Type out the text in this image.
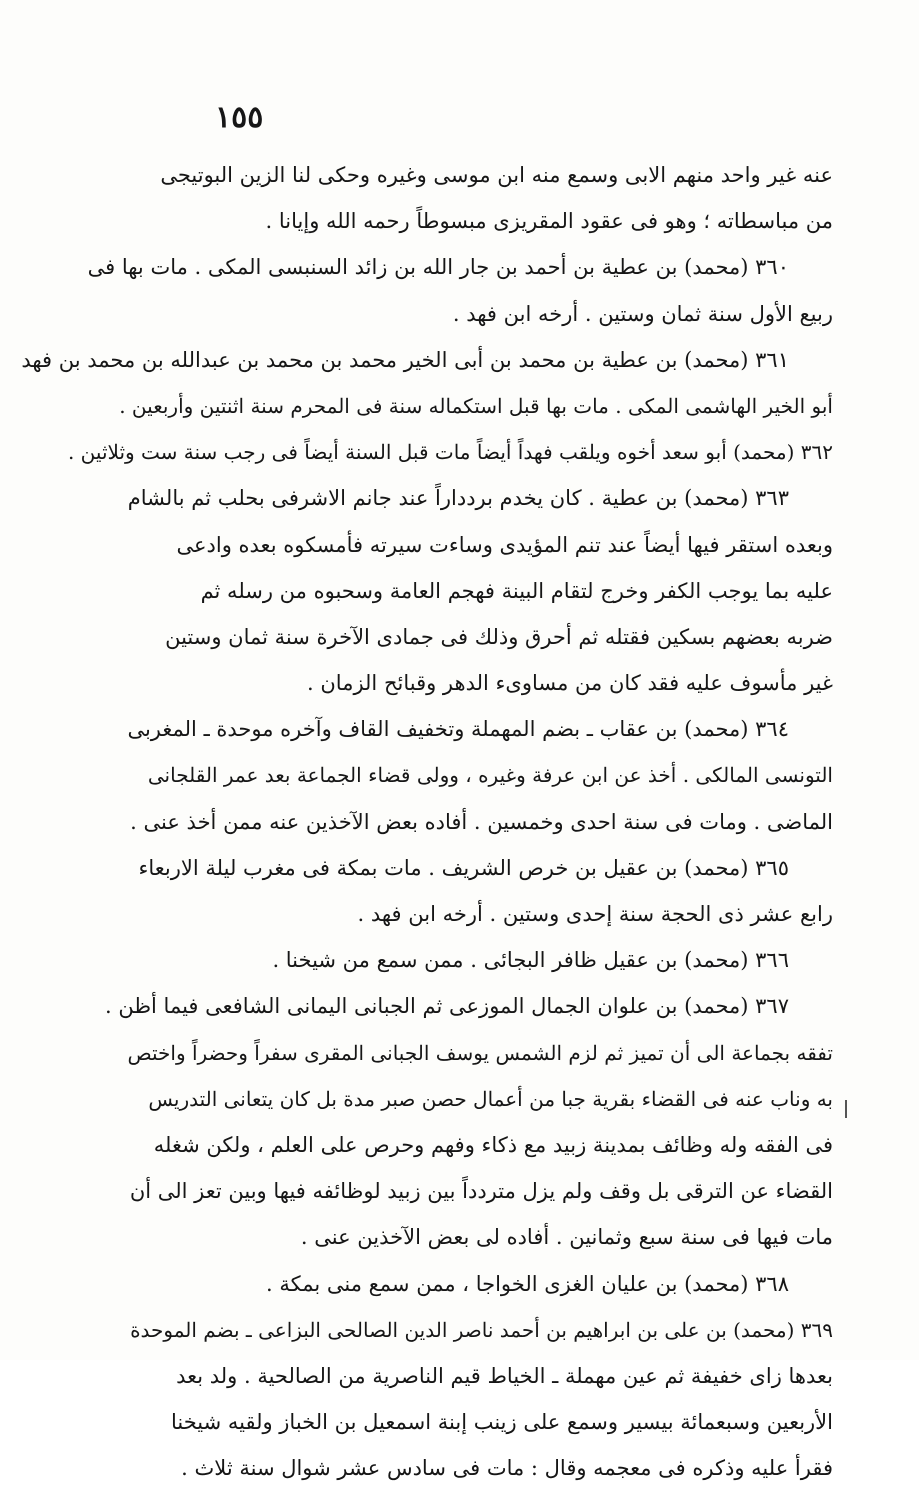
١٥٥
عنه غير واحد منهم الابى وسمع منه ابن موسى وغيره وحكى لنا الزين البوتيجى
من مباسطاته ؛ وهو فى عقود المقريزى مبسوطاً رحمه الله وإيانا .
٣٦٠ (محمد) بن عطية بن أحمد بن جار الله بن زائد السنبسى المكى . مات بها فى
ربيع الأول سنة ثمان وستين . أرخه ابن فهد .
٣٦١ (محمد) بن عطية بن محمد بن أبى الخير محمد بن محمد بن عبدالله بن محمد بن فهد
أبو الخير الهاشمى المكى . مات بها قبل استكماله سنة فى المحرم سنة اثنتين وأربعين .
٣٦٢ (محمد) أبو سعد أخوه ويلقب فهداً أيضاً مات قبل السنة أيضاً فى رجب سنة ست وثلاثين .
٣٦٣ (محمد) بن عطية . كان يخدم بردداراً عند جانم الاشرفى بحلب ثم بالشام
وبعده استقر فيها أيضاً عند تنم المؤيدى وساءت سيرته فأمسكوه بعده وادعى
عليه بما يوجب الكفر وخرج لتقام البينة فهجم العامة وسحبوه من رسله ثم
ضربه بعضهم بسكين فقتله ثم أحرق وذلك فى جمادى الآخرة سنة ثمان وستين
غير مأسوف عليه فقد كان من مساوىء الدهر وقبائح الزمان .
٣٦٤ (محمد) بن عقاب ـ بضم المهملة وتخفيف القاف وآخره موحدة ـ المغربى
التونسى المالكى . أخذ عن ابن عرفة وغيره ، وولى قضاء الجماعة بعد عمر القلجانى
الماضى . ومات فى سنة احدى وخمسين . أفاده بعض الآخذين عنه ممن أخذ عنى .
٣٦٥ (محمد) بن عقيل بن خرص الشريف . مات بمكة فى مغرب ليلة الاربعاء
رابع عشر ذى الحجة سنة إحدى وستين . أرخه ابن فهد .
٣٦٦ (محمد) بن عقيل ظافر البجائى . ممن سمع من شيخنا .
٣٦٧ (محمد) بن علوان الجمال الموزعى ثم الجبانى اليمانى الشافعى فيما أظن .
تفقه بجماعة الى أن تميز ثم لزم الشمس يوسف الجبانى المقرى سفراً وحضراً واختص
به وناب عنه فى القضاء بقرية جبا من أعمال حصن صبر مدة بل كان يتعانى التدريس
فى الفقه وله وظائف بمدينة زبيد مع ذكاء وفهم وحرص على العلم ، ولكن شغله
القضاء عن الترقى بل وقف ولم يزل متردداً بين زبيد لوظائفه فيها وبين تعز الى أن
مات فيها فى سنة سبع وثمانين . أفاده لى بعض الآخذين عنى .
٣٦٨ (محمد) بن عليان الغزى الخواجا ، ممن سمع منى بمكة .
٣٦٩ (محمد) بن على بن ابراهيم بن أحمد ناصر الدين الصالحى البزاعى ـ بضم الموحدة
بعدها زاى خفيفة ثم عين مهملة ـ الخياط قيم الناصرية من الصالحية . ولد بعد
الأربعين وسبعمائة بيسير وسمع على زينب إبنة اسمعيل بن الخباز ولقيه شيخنا
فقرأ عليه وذكره فى معجمه وقال : مات فى سادس عشر شوال سنة ثلاث .
